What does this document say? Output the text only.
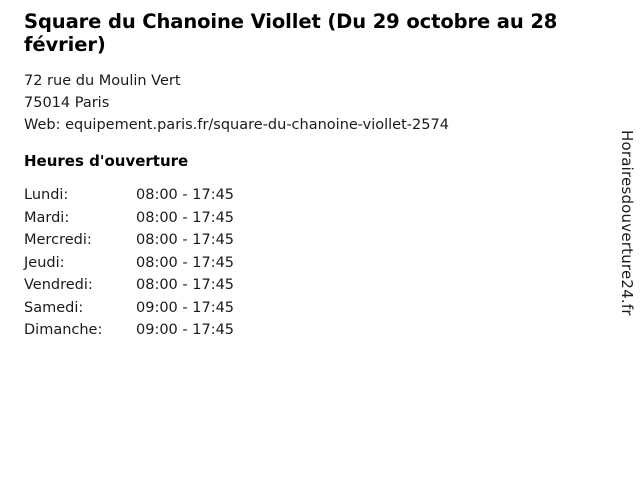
Square du Chanoine Viollet (Du 29 octobre au 28 février)
72 rue du Moulin Vert
75014 Paris
Web: equipement.paris.fr/square-du-chanoine-viollet-2574
Heures d'ouverture
Lundi:	08:00 - 17:45
Mardi:	08:00 - 17:45
Mercredi:	08:00 - 17:45
Jeudi:	08:00 - 17:45
Vendredi:	08:00 - 17:45
Samedi:	09:00 - 17:45
Dimanche:	09:00 - 17:45
Horairesdouverture24.fr
